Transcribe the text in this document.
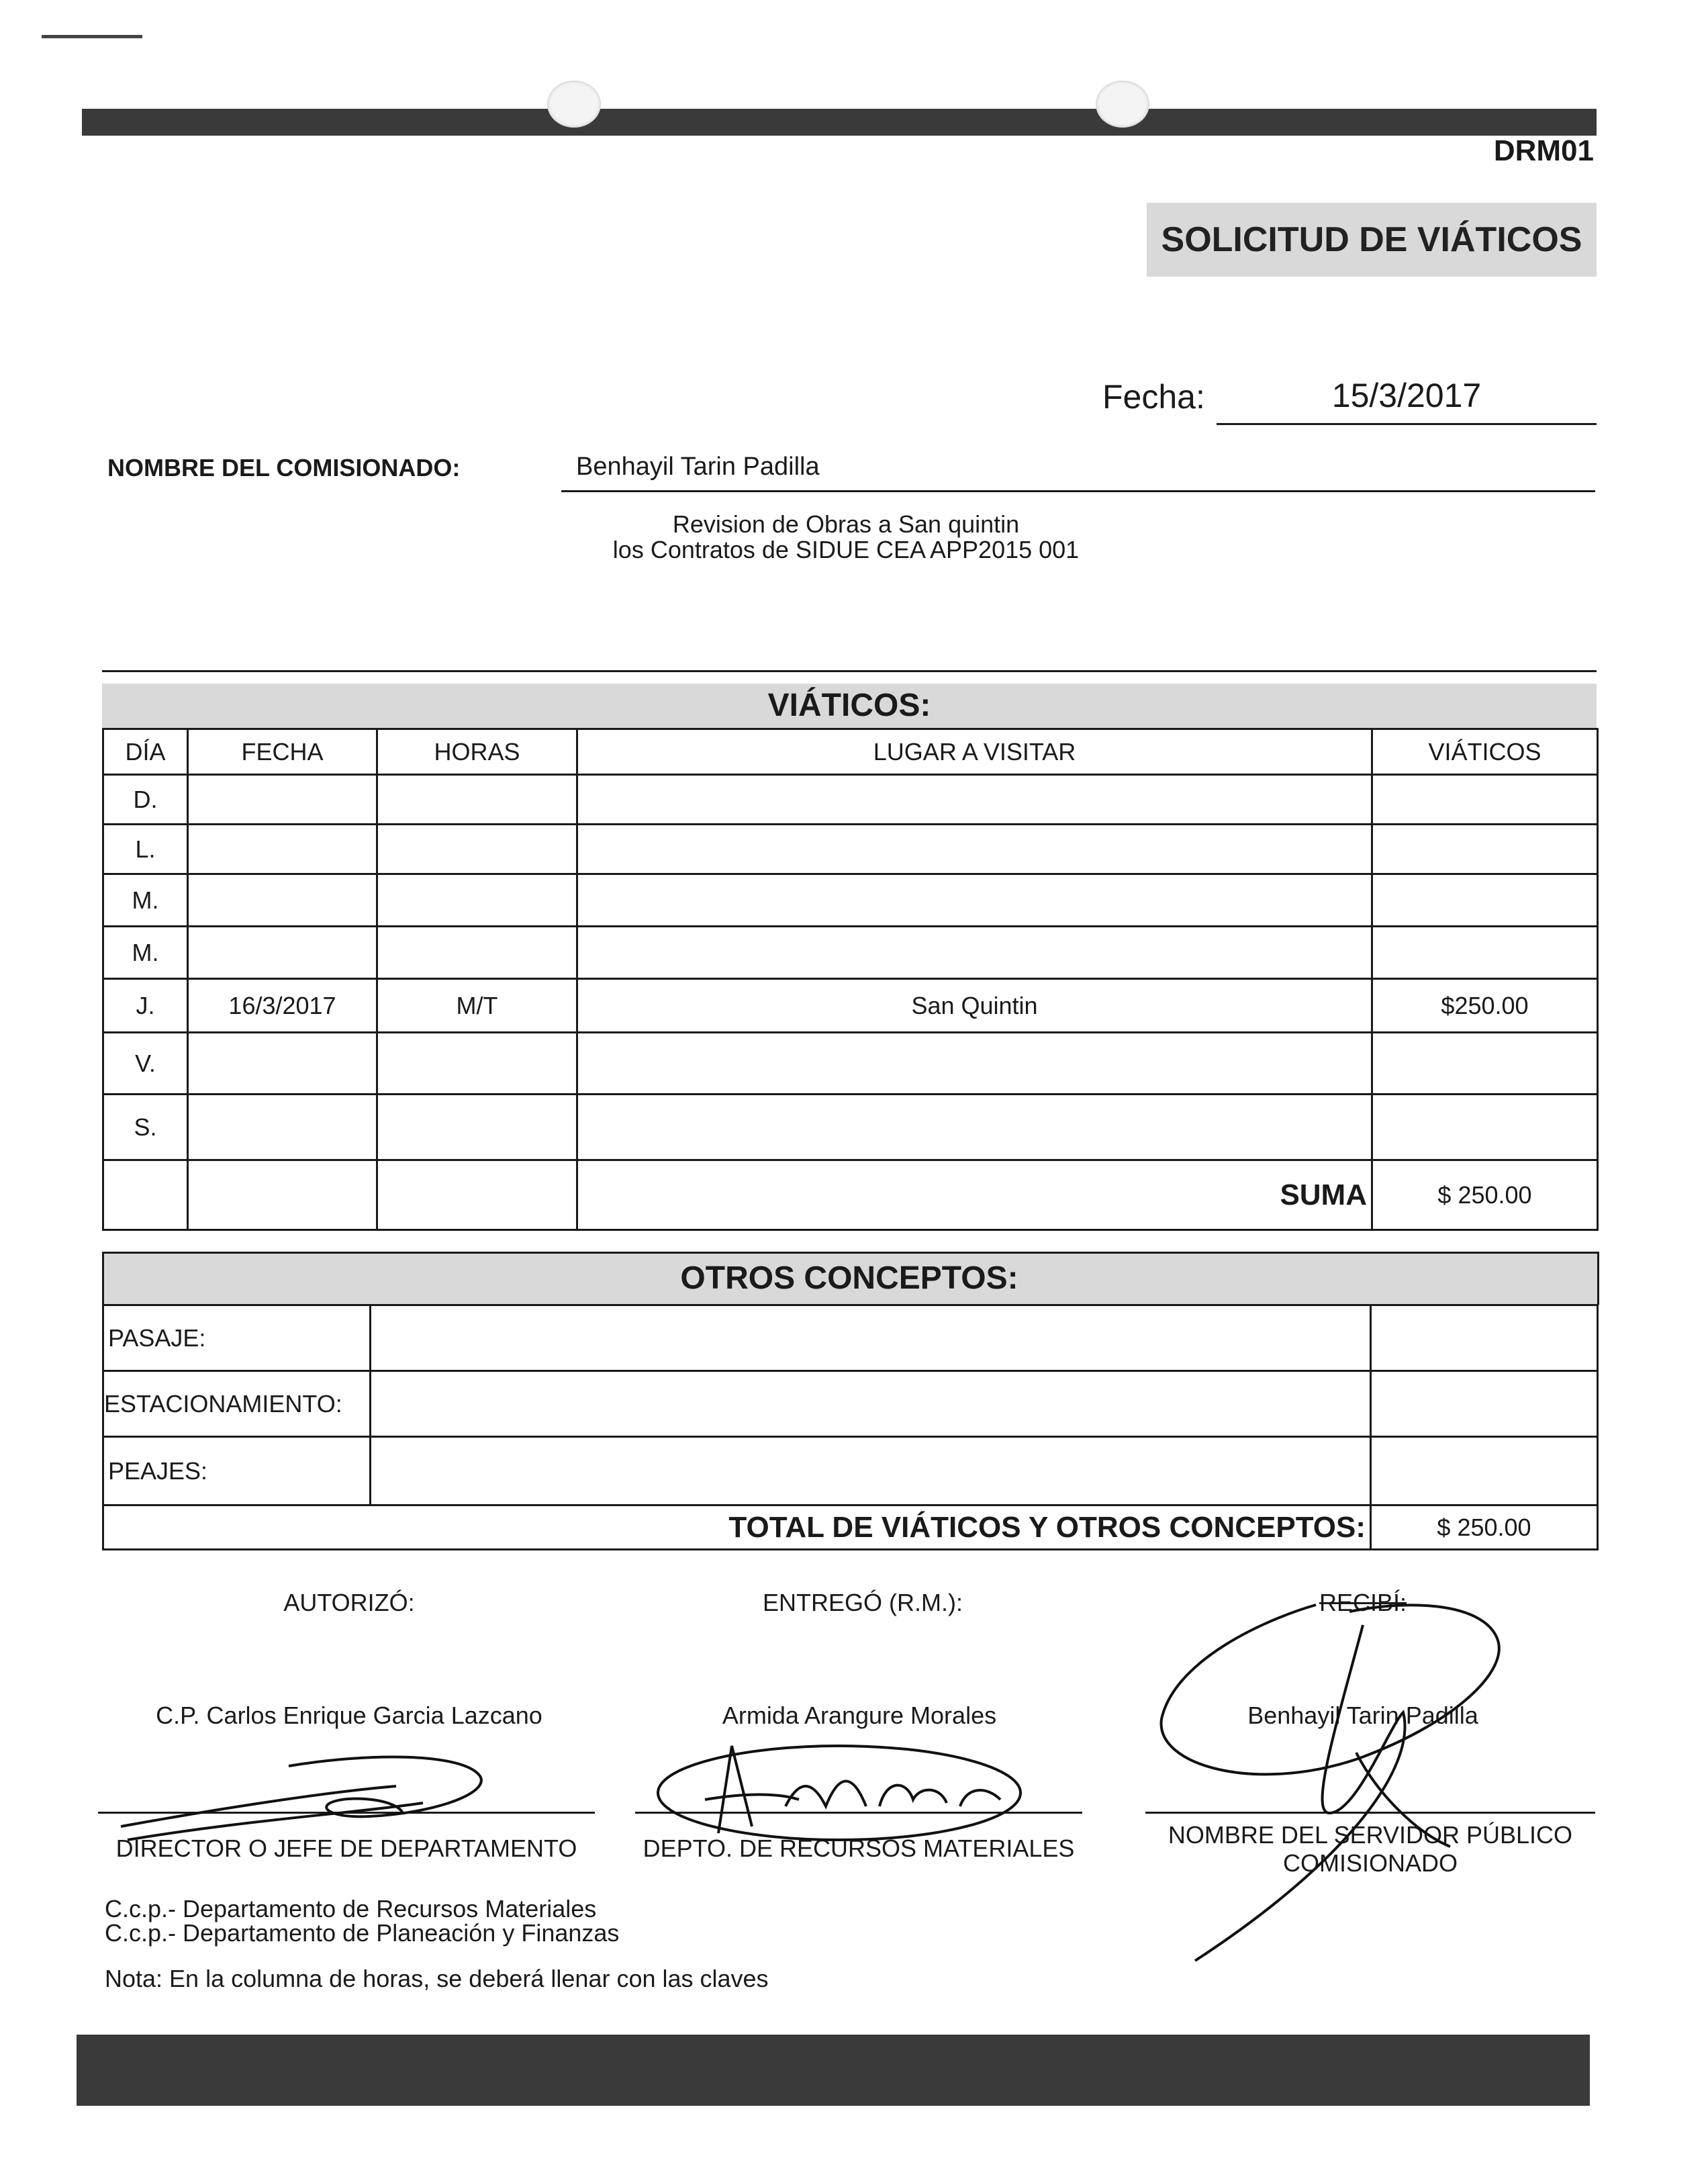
DRM01
SOLICITUD DE VIÁTICOS
Fecha:	15/3/2017
NOMBRE DEL COMISIONADO:	Benhayil Tarin Padilla
Revision de Obras a San quintin
los Contratos de SIDUE CEA APP2015 001
VIÁTICOS:
DÍA	FECHA	HORAS	LUGAR A VISITAR	VIÁTICOS
D.				
L.				
M.				
M.				
J.	16/3/2017	M/T	San Quintin	$250.00
V.				
S.				
			SUMA	$ 250.00
OTROS CONCEPTOS:
PASAJE:		
ESTACIONAMIENTO:		
PEAJES:		
TOTAL DE VIÁTICOS Y OTROS CONCEPTOS:		$ 250.00
AUTORIZÓ:	ENTREGÓ (R.M.):	RECIBÍ:
C.P. Carlos Enrique Garcia Lazcano	Armida Arangure Morales	Benhayil Tarin Padilla
DIRECTOR O JEFE DE DEPARTAMENTO	DEPTO. DE RECURSOS MATERIALES	NOMBRE DEL SERVIDOR PÚBLICO
COMISIONADO
C.c.p.- Departamento de Recursos Materiales
C.c.p.- Departamento de Planeación y Finanzas
Nota: En la columna de horas, se deberá llenar con las claves
